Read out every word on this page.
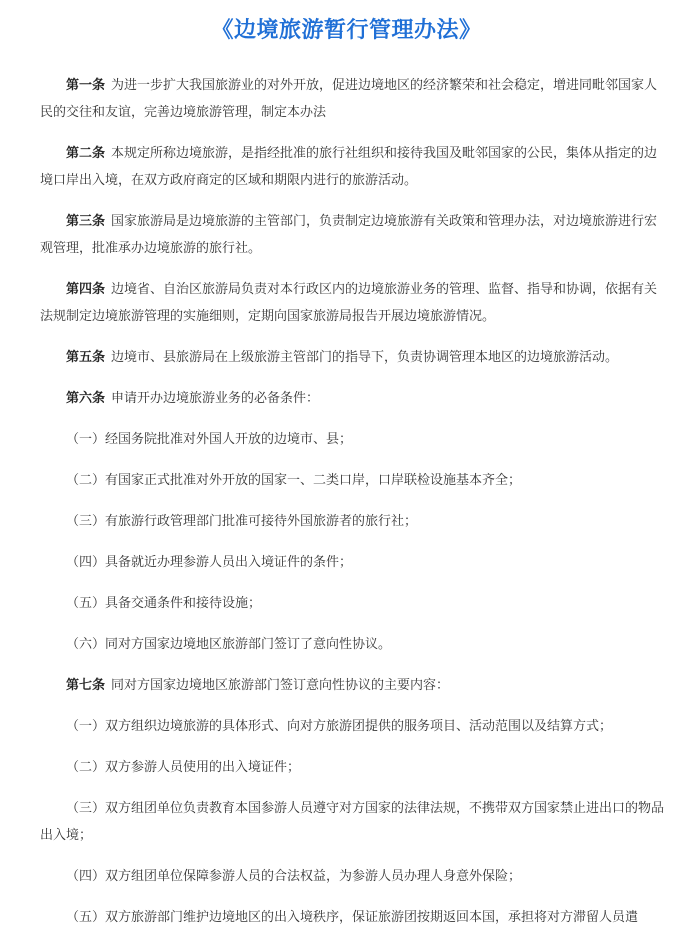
《边境旅游暂行管理办法》

第一条 为进一步扩大我国旅游业的对外开放，促进边境地区的经济繁荣和社会稳定，增进同毗邻国家人民的交往和友谊，完善边境旅游管理，制定本办法

第二条 本规定所称边境旅游，是指经批准的旅行社组织和接待我国及毗邻国家的公民，集体从指定的边境口岸出入境，在双方政府商定的区域和期限内进行的旅游活动。

第三条 国家旅游局是边境旅游的主管部门，负责制定边境旅游有关政策和管理办法，对边境旅游进行宏观管理，批准承办边境旅游的旅行社。

第四条 边境省、自治区旅游局负责对本行政区内的边境旅游业务的管理、监督、指导和协调，依据有关法规制定边境旅游管理的实施细则，定期向国家旅游局报告开展边境旅游情况。

第五条 边境市、县旅游局在上级旅游主管部门的指导下，负责协调管理本地区的边境旅游活动。

第六条 申请开办边境旅游业务的必备条件：

（一）经国务院批准对外国人开放的边境市、县；

（二）有国家正式批准对外开放的国家一、二类口岸，口岸联检设施基本齐全；

（三）有旅游行政管理部门批准可接待外国旅游者的旅行社；

（四）具备就近办理参游人员出入境证件的条件；

（五）具备交通条件和接待设施；

（六）同对方国家边境地区旅游部门签订了意向性协议。

第七条 同对方国家边境地区旅游部门签订意向性协议的主要内容：

（一）双方组织边境旅游的具体形式、向对方旅游团提供的服务项目、活动范围以及结算方式；

（二）双方参游人员使用的出入境证件；

（三）双方组团单位负责教育本国参游人员遵守对方国家的法律法规，不携带双方国家禁止进出口的物品出入境；

（四）双方组团单位保障参游人员的合法权益，为参游人员办理人身意外保险；

（五）双方旅游部门维护边境地区的出入境秩序，保证旅游团按期返回本国，承担将对方滞留人员遣
